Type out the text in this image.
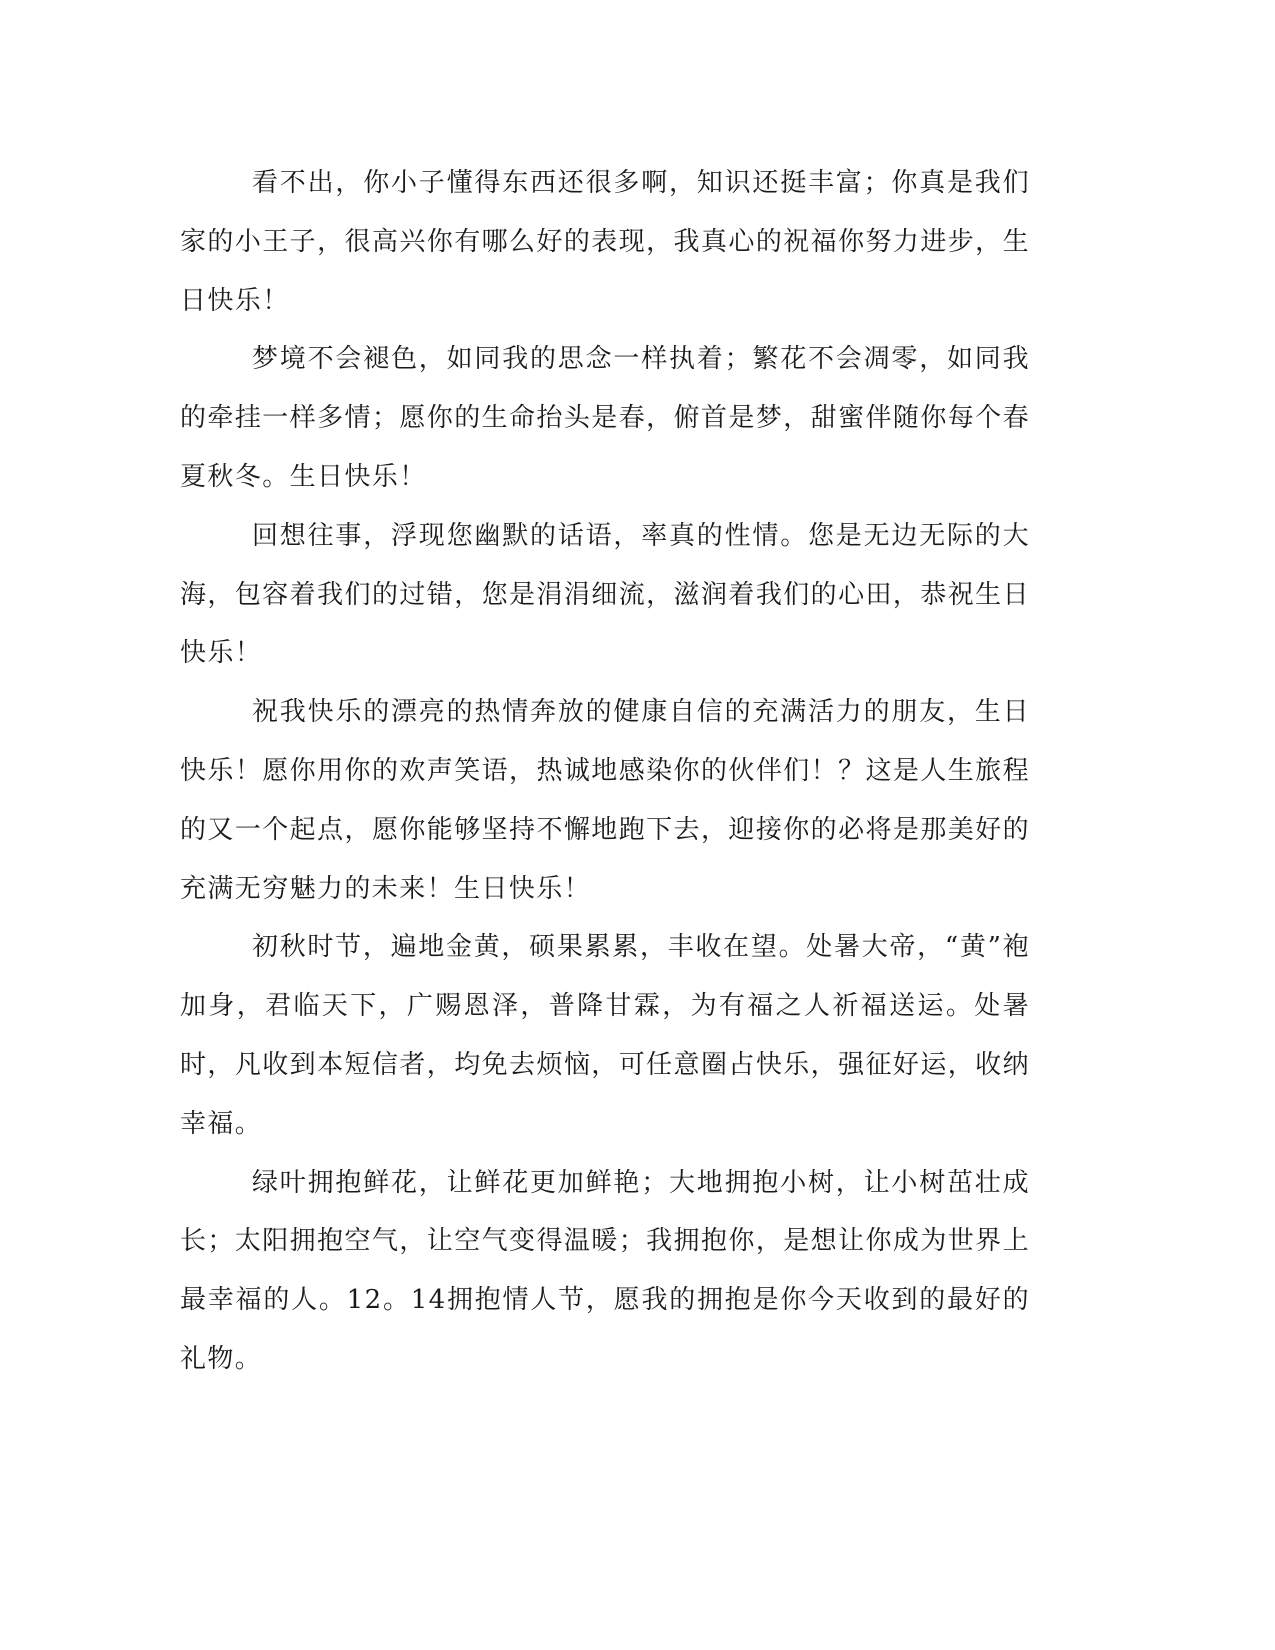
看不出，你小子懂得东西还很多啊，知识还挺丰富；你真是我们家的小王子，很高兴你有哪么好的表现，我真心的祝福你努力进步，生日快乐！

梦境不会褪色，如同我的思念一样执着；繁花不会凋零，如同我的牵挂一样多情；愿你的生命抬头是春，俯首是梦，甜蜜伴随你每个春夏秋冬。生日快乐！

回想往事，浮现您幽默的话语，率真的性情。您是无边无际的大海，包容着我们的过错，您是涓涓细流，滋润着我们的心田，恭祝生日快乐！

祝我快乐的漂亮的热情奔放的健康自信的充满活力的朋友，生日快乐！愿你用你的欢声笑语，热诚地感染你的伙伴们！？这是人生旅程的又一个起点，愿你能够坚持不懈地跑下去，迎接你的必将是那美好的充满无穷魅力的未来！生日快乐！

初秋时节，遍地金黄，硕果累累，丰收在望。处暑大帝，“黄”袍加身，君临天下，广赐恩泽，普降甘霖，为有福之人祈福送运。处暑时，凡收到本短信者，均免去烦恼，可任意圈占快乐，强征好运，收纳幸福。

绿叶拥抱鲜花，让鲜花更加鲜艳；大地拥抱小树，让小树茁壮成长；太阳拥抱空气，让空气变得温暖；我拥抱你，是想让你成为世界上最幸福的人。12。14拥抱情人节，愿我的拥抱是你今天收到的最好的礼物。
